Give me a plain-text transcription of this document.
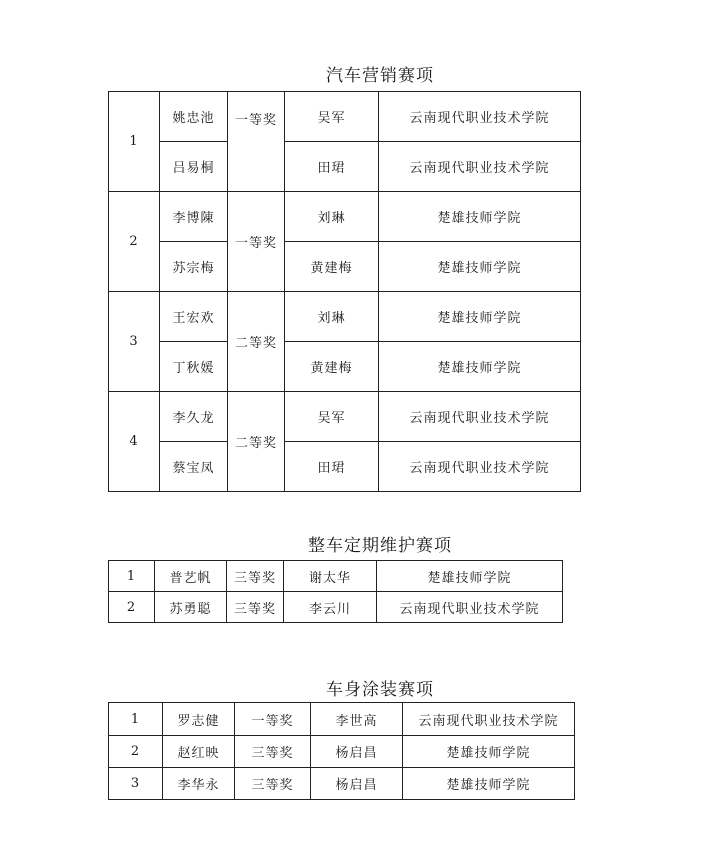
汽车营销赛项
1	姚忠池	一等奖	吴军	云南现代职业技术学院
	吕易桐		田珺	云南现代职业技术学院
2	李博陳	一等奖	刘琳	楚雄技师学院
	苏宗梅		黄建梅	楚雄技师学院
3	王宏欢	二等奖	刘琳	楚雄技师学院
	丁秋媛		黄建梅	楚雄技师学院
4	李久龙	二等奖	吴军	云南现代职业技术学院
	蔡宝凤		田珺	云南现代职业技术学院
整车定期维护赛项
1	普艺帆	三等奖	谢太华	楚雄技师学院
2	苏勇聪	三等奖	李云川	云南现代职业技术学院
车身涂装赛项
1	罗志健	一等奖	李世高	云南现代职业技术学院
2	赵红映	三等奖	杨启昌	楚雄技师学院
3	李华永	三等奖	杨启昌	楚雄技师学院
